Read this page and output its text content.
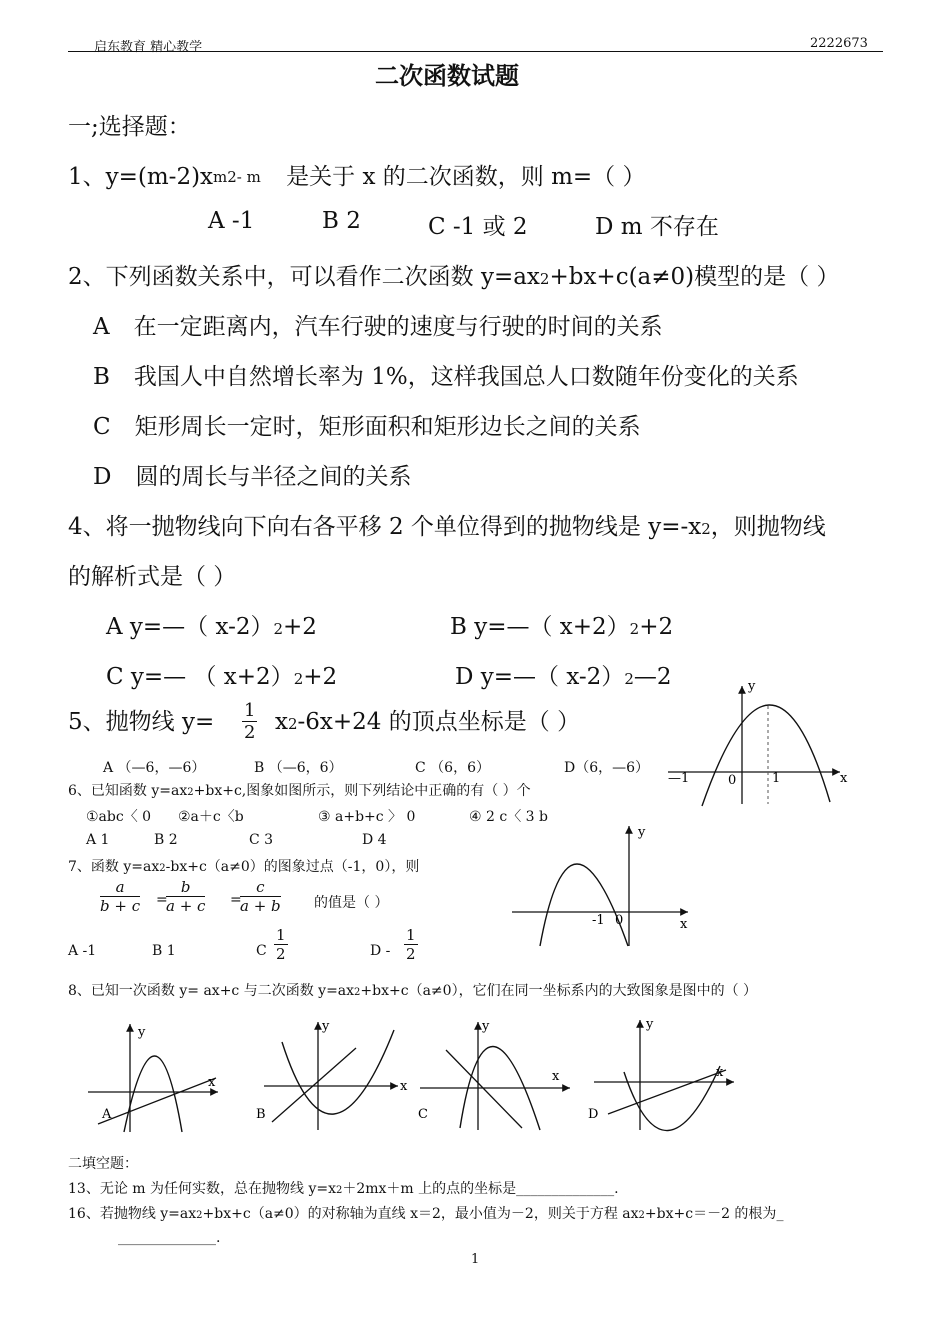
启东教育 精心教学	2222673
二次函数试题
一;选择题：
1、y=(m-2)xm2- m 是关于 x 的二次函数，则 m=（ ）
A -1	B 2	C -1 或 2	D m 不存在
2、下列函数关系中，可以看作二次函数 y=ax2+bx+c(a≠0)模型的是（ ）
A 在一定距离内，汽车行驶的速度与行驶的时间的关系
B 我国人中自然增长率为 1%，这样我国总人口数随年份变化的关系
C 矩形周长一定时，矩形面积和矩形边长之间的关系
D 圆的周长与半径之间的关系
4、将一抛物线向下向右各平移 2 个单位得到的抛物线是 y=-x2，则抛物线
的解析式是（ ）
A y=—（ x-2）2+2	B y=—（ x+2）2+2
C y=— （ x+2）2+2	D y=—（ x-2）2—2
5、抛物线 $y= \frac{1}{2} x2-6x+24$ 的顶点坐标是（ ）
A （—6，—6）	B （—6，6）	C （6，6）	D（6，—6）
y
x
—1	0	1
6、已知函数 y=ax2+bx+c,图象如图所示，则下列结论中正确的有（ ）个
①abc〈 0 ②a＋c〈b	③ a+b+c 〉 0	④ 2 c〈 3 b
A 1	B 2	C 3	D 4
7、函数 y=ax2-bx+c（a≠0）的图象过点（-1，0），则
$\frac{a}{b + c}$ =
$\frac{b}{a + c}$ =
$\frac{c}{a + b}$ 的值是（ ）
A -1	B 1	C $\frac{1}{2}$	D - $\frac{1}{2}$
y
x
-1 0
8、已知一次函数 y= ax+c 与二次函数 y=ax2+bx+c（a≠0），它们在同一坐标系内的大致图象是图中的（ ）
y
x
A
y
x
B
y
x
C
y
x
D
二填空题：
13、无论 m 为任何实数，总在抛物线 y=x2＋2mx＋m 上的点的坐标是______________.
16、若抛物线 y=ax2+bx+c（a≠0）的对称轴为直线 x＝2，最小值为－2，则关于方程 ax2+bx+c＝－2 的根为_
______________.
1
